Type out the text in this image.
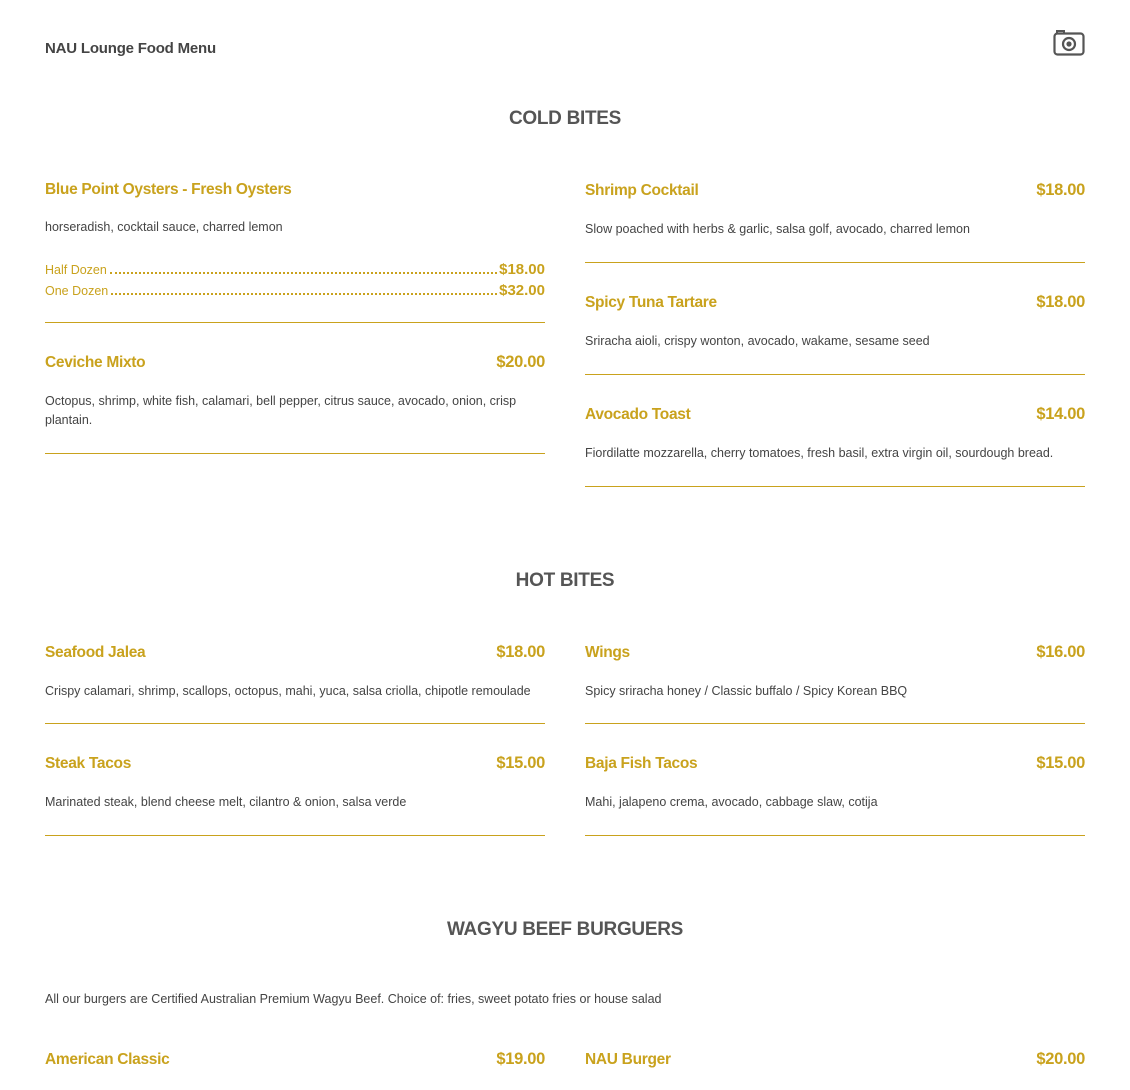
NAU Lounge Food Menu
COLD BITES
Blue Point Oysters - Fresh Oysters
horseradish, cocktail sauce, charred lemon
Half Dozen	$18.00
One Dozen	$32.00
Ceviche Mixto	$20.00
Octopus, shrimp, white fish, calamari, bell pepper, citrus sauce, avocado, onion, crisp plantain.
Shrimp Cocktail	$18.00
Slow poached with herbs & garlic, salsa golf, avocado, charred lemon
Spicy Tuna Tartare	$18.00
Sriracha aioli, crispy wonton, avocado, wakame, sesame seed
Avocado Toast	$14.00
Fiordilatte mozzarella, cherry tomatoes, fresh basil, extra virgin oil, sourdough bread.
HOT BITES
Seafood Jalea	$18.00
Crispy calamari, shrimp, scallops, octopus, mahi, yuca, salsa criolla, chipotle remoulade
Wings	$16.00
Spicy sriracha honey / Classic buffalo / Spicy Korean BBQ
Steak Tacos	$15.00
Marinated steak, blend cheese melt, cilantro & onion, salsa verde
Baja Fish Tacos	$15.00
Mahi, jalapeno crema, avocado, cabbage slaw, cotija
WAGYU BEEF BURGUERS
All our burgers are Certified Australian Premium Wagyu Beef. Choice of: fries, sweet potato fries or house salad
American Classic	$19.00	NAU Burger	$20.00
